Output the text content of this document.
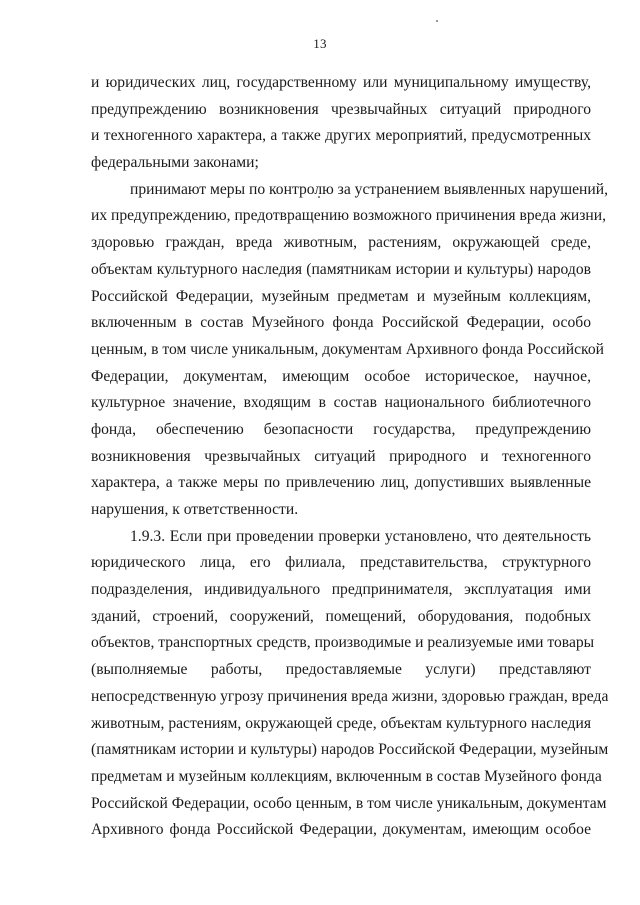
13
и юридических лиц, государственному или муниципальному имуществу,
предупреждению возникновения чрезвычайных ситуаций природного
и техногенного характера, а также других мероприятий, предусмотренных
федеральными законами;
принимают меры по контролю за устранением выявленных нарушений,
их предупреждению, предотвращению возможного причинения вреда жизни,
здоровью граждан, вреда животным, растениям, окружающей среде,
объектам культурного наследия (памятникам истории и культуры) народов
Российской Федерации, музейным предметам и музейным коллекциям,
включенным в состав Музейного фонда Российской Федерации, особо
ценным, в том числе уникальным, документам Архивного фонда Российской
Федерации, документам, имеющим особое историческое, научное,
культурное значение, входящим в состав национального библиотечного
фонда, обеспечению безопасности государства, предупреждению
возникновения чрезвычайных ситуаций природного и техногенного
характера, а также меры по привлечению лиц, допустивших выявленные
нарушения, к ответственности.
1.9.3. Если при проведении проверки установлено, что деятельность
юридического лица, его филиала, представительства, структурного
подразделения, индивидуального предпринимателя, эксплуатация ими
зданий, строений, сооружений, помещений, оборудования, подобных
объектов, транспортных средств, производимые и реализуемые ими товары
(выполняемые работы, предоставляемые услуги) представляют
непосредственную угрозу причинения вреда жизни, здоровью граждан, вреда
животным, растениям, окружающей среде, объектам культурного наследия
(памятникам истории и культуры) народов Российской Федерации, музейным
предметам и музейным коллекциям, включенным в состав Музейного фонда
Российской Федерации, особо ценным, в том числе уникальным, документам
Архивного фонда Российской Федерации, документам, имеющим особое
